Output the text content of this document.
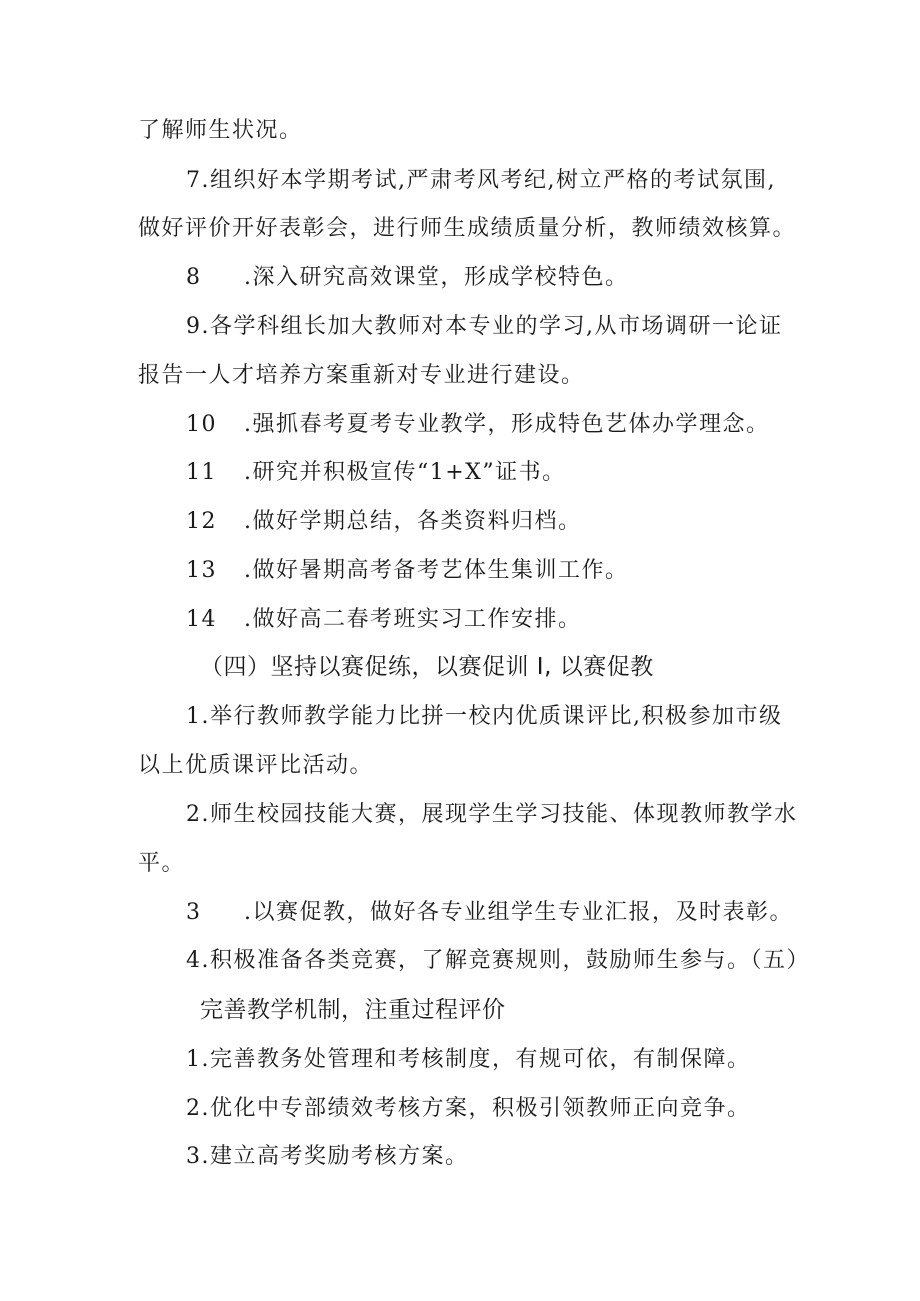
了解师生状况。
7.组织好本学期考试,严肃考风考纪,树立严格的考试氛围,
做好评价开好表彰会，进行师生成绩质量分析，教师绩效核算。
8 .深入研究高效课堂，形成学校特色。
9.各学科组长加大教师对本专业的学习,从市场调研一论证
报告一人才培养方案重新对专业进行建设。
10 .强抓春考夏考专业教学，形成特色艺体办学理念。
11 .研究并积极宣传“1+X”证书。
12 .做好学期总结，各类资料归档。
13 .做好暑期高考备考艺体生集训工作。
14 .做好高二春考班实习工作安排。
（四）坚持以赛促练，以赛促训 I, 以赛促教
1.举行教师教学能力比拼一校内优质课评比,积极参加市级
以上优质课评比活动。
2.师生校园技能大赛，展现学生学习技能、体现教师教学水
平。
3 .以赛促教，做好各专业组学生专业汇报，及时表彰。
4.积极准备各类竞赛，了解竞赛规则，鼓励师生参与。（五）
完善教学机制，注重过程评价
1.完善教务处管理和考核制度，有规可依，有制保障。
2.优化中专部绩效考核方案，积极引领教师正向竞争。
3.建立高考奖励考核方案。
